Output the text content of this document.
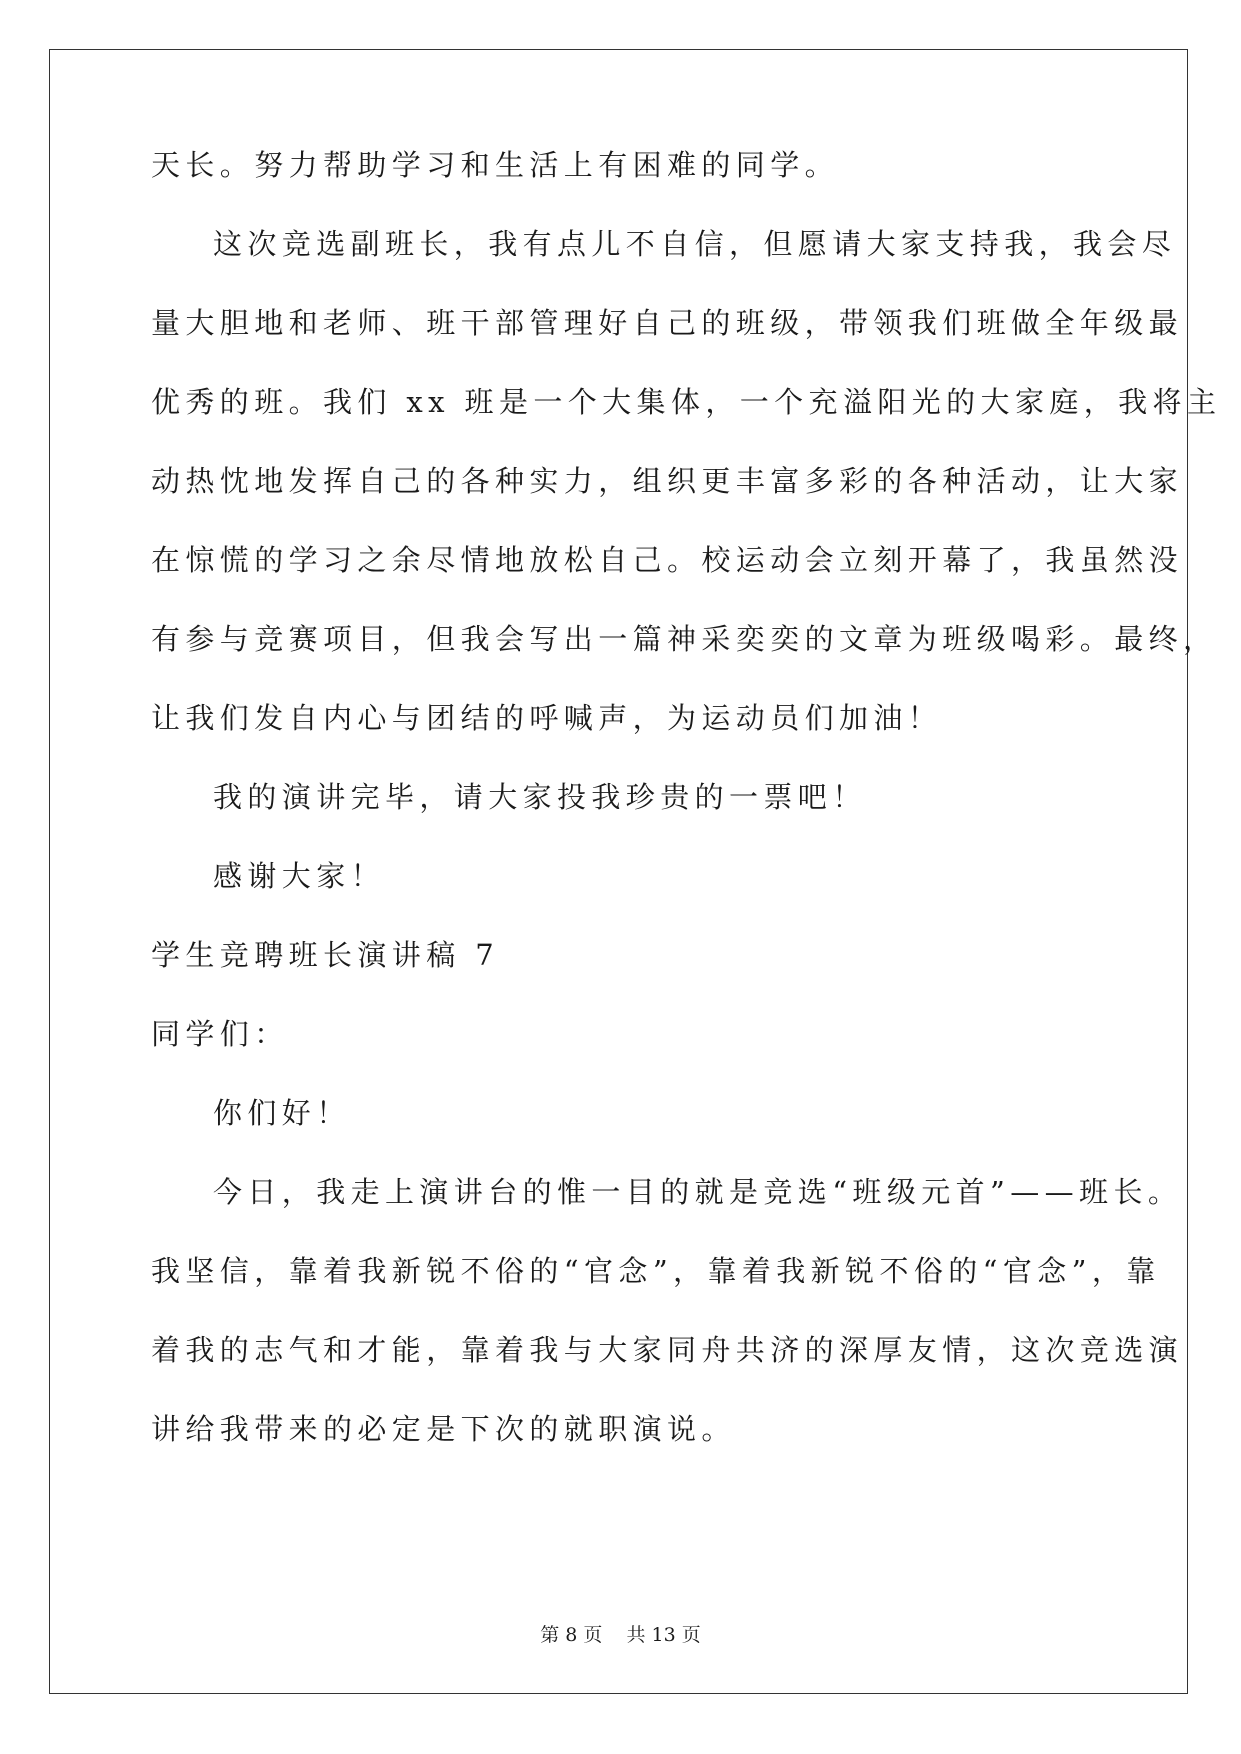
天长。努力帮助学习和生活上有困难的同学。

这次竞选副班长，我有点儿不自信，但愿请大家支持我，我会尽

量大胆地和老师、班干部管理好自己的班级，带领我们班做全年级最

优秀的班。我们 xx 班是一个大集体，一个充溢阳光的大家庭，我将主

动热忱地发挥自己的各种实力，组织更丰富多彩的各种活动，让大家

在惊慌的学习之余尽情地放松自己。校运动会立刻开幕了，我虽然没

有参与竞赛项目，但我会写出一篇神采奕奕的文章为班级喝彩。最终，

让我们发自内心与团结的呼喊声，为运动员们加油！

我的演讲完毕，请大家投我珍贵的一票吧！

感谢大家！

学生竞聘班长演讲稿 7

同学们：

你们好！

今日，我走上演讲台的惟一目的就是竞选“班级元首”——班长。

我坚信，靠着我新锐不俗的“官念”，靠着我新锐不俗的“官念”，靠

着我的志气和才能，靠着我与大家同舟共济的深厚友情，这次竞选演

讲给我带来的必定是下次的就职演说。

第 8 页 共 13 页
